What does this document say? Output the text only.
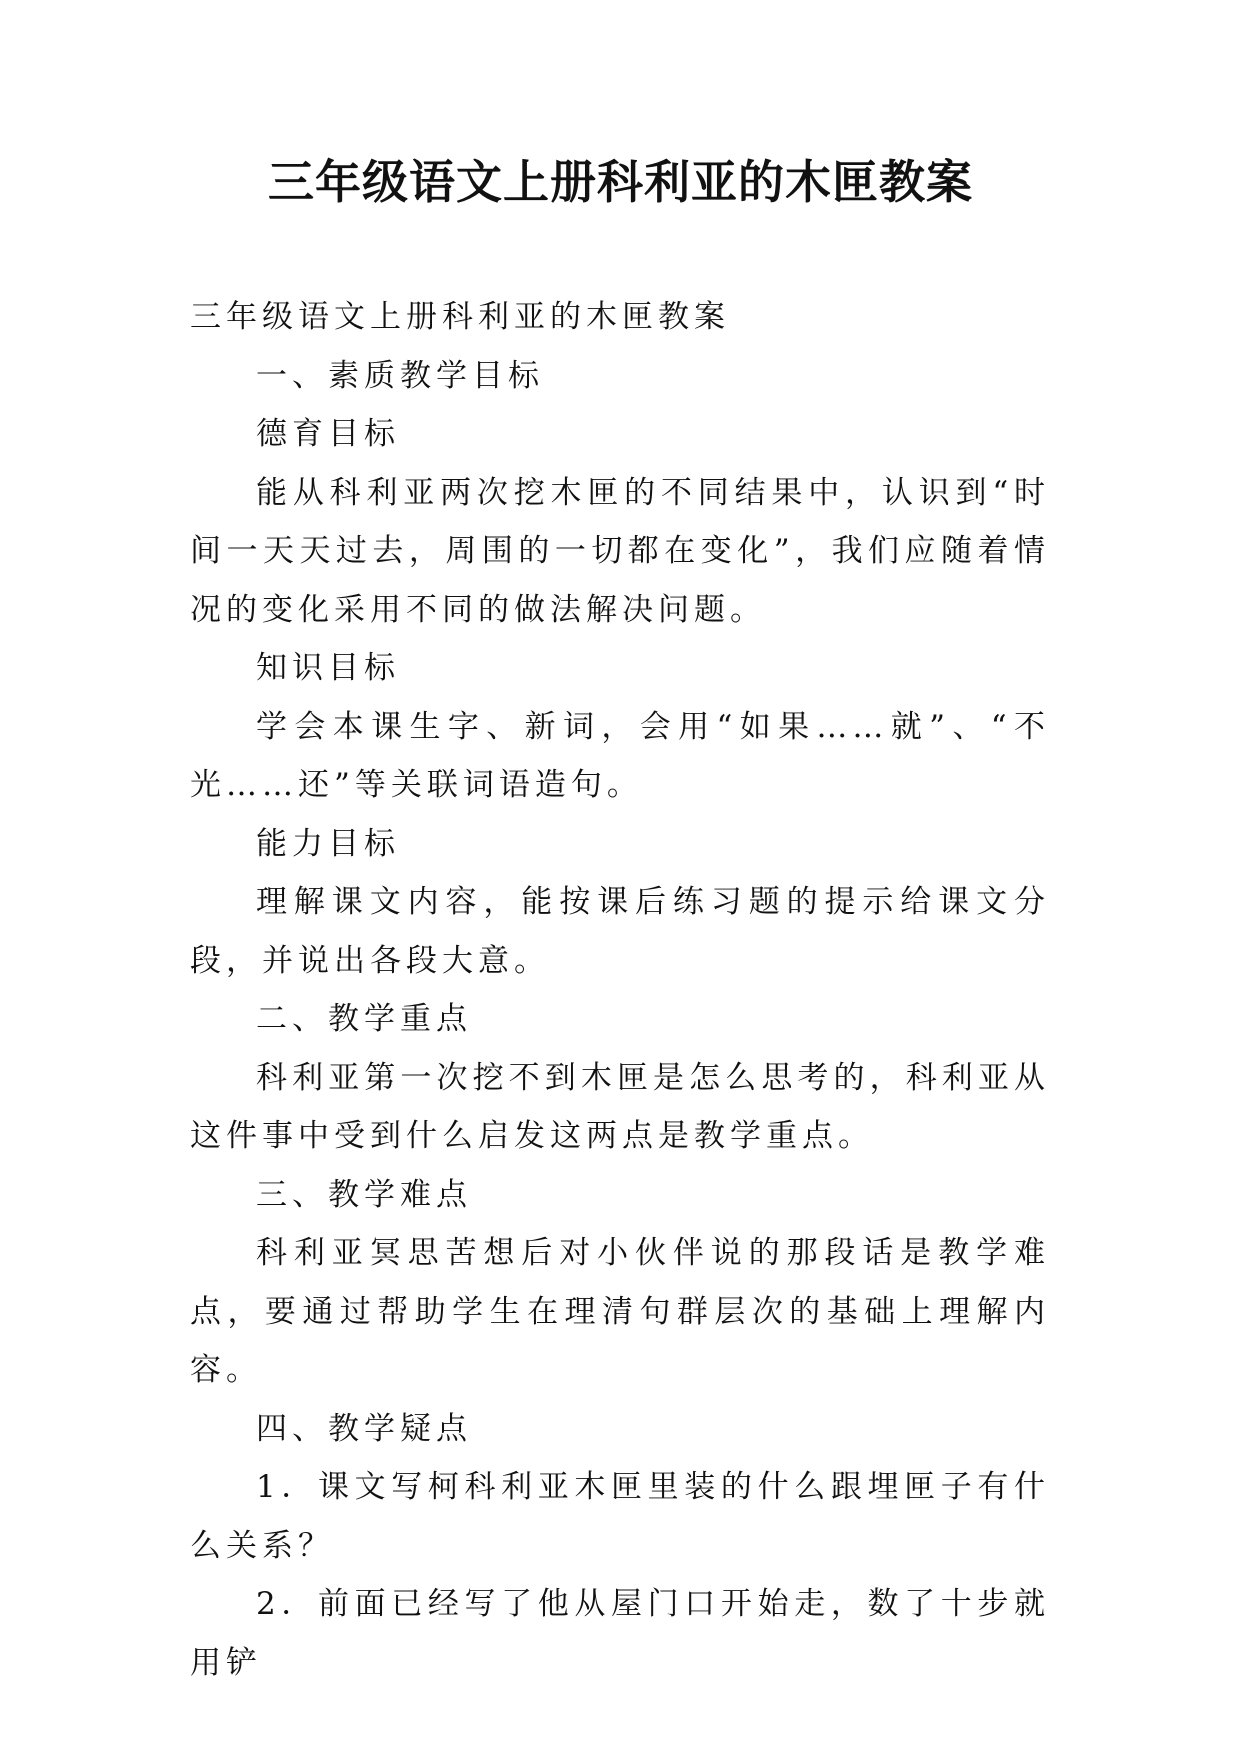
三年级语文上册科利亚的木匣教案

三年级语文上册科利亚的木匣教案

一、素质教学目标

德育目标

能从科利亚两次挖木匣的不同结果中，认识到“时间一天天过去，周围的一切都在变化”，我们应随着情况的变化采用不同的做法解决问题。

知识目标

学会本课生字、新词，会用“如果……就”、“不光……还”等关联词语造句。

能力目标

理解课文内容，能按课后练习题的提示给课文分段，并说出各段大意。

二、教学重点

科利亚第一次挖不到木匣是怎么思考的，科利亚从这件事中受到什么启发这两点是教学重点。

三、教学难点

科利亚冥思苦想后对小伙伴说的那段话是教学难点，要通过帮助学生在理清句群层次的基础上理解内容。

四、教学疑点

1．课文写柯科利亚木匣里装的什么跟埋匣子有什么关系？

2．前面已经写了他从屋门口开始走，数了十步就用铲
